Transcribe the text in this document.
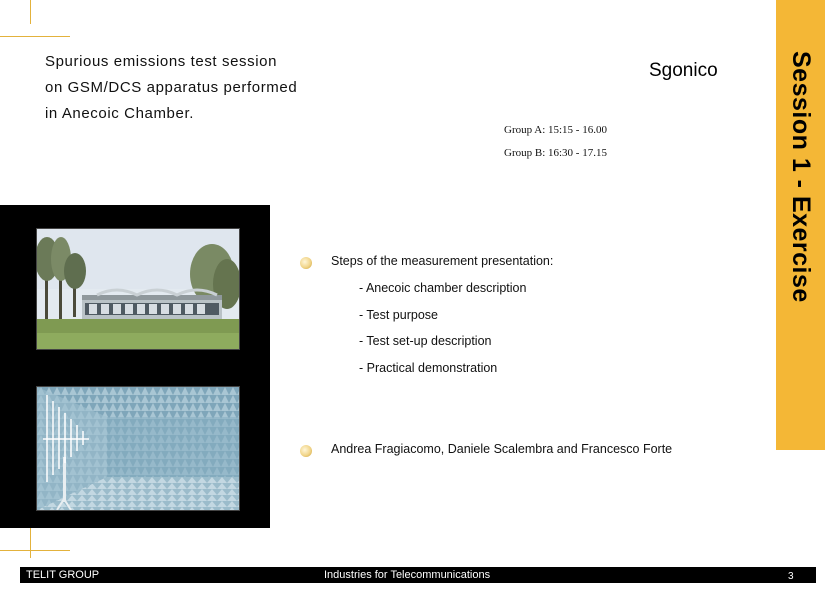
Spurious emissions test session
on GSM/DCS apparatus performed
in Anecoic Chamber.
Sgonico
Group A: 15:15 - 16.00
Group B: 16:30 - 17.15	Session 1 - Exercise
Steps of the measurement presentation:
- Anecoic chamber description
- Test purpose
- Test set-up description
- Practical demonstration
Andrea Fragiacomo, Daniele Scalembra and Francesco Forte
TELIT GROUP	Industries for Telecommunications	3
